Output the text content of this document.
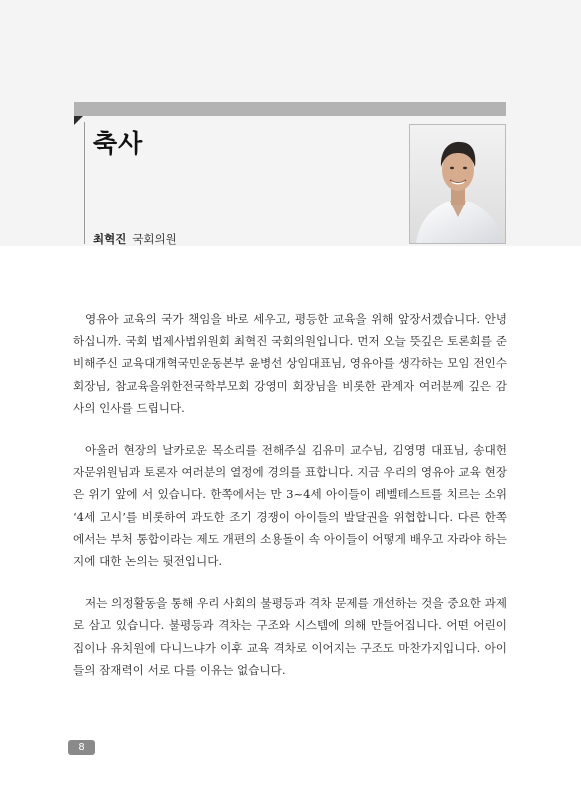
축사
최혁진 국회의원

영유아 교육의 국가 책임을 바로 세우고, 평등한 교육을 위해 앞장서겠습니다. 안녕하십니까. 국회 법제사법위원회 최혁진 국회의원입니다. 먼저 오늘 뜻깊은 토론회를 준비해주신 교육대개혁국민운동본부 윤병선 상임대표님, 영유아를 생각하는 모임 전인수 회장님, 참교육을위한전국학부모회 강영미 회장님을 비롯한 관계자 여러분께 깊은 감사의 인사를 드립니다.

아울러 현장의 날카로운 목소리를 전해주실 김유미 교수님, 김영명 대표님, 송대헌 자문위원님과 토론자 여러분의 열정에 경의를 표합니다. 지금 우리의 영유아 교육 현장은 위기 앞에 서 있습니다. 한쪽에서는 만 3~4세 아이들이 레벨테스트를 치르는 소위 ‘4세 고시’를 비롯하여 과도한 조기 경쟁이 아이들의 발달권을 위협합니다. 다른 한쪽에서는 부처 통합이라는 제도 개편의 소용돌이 속 아이들이 어떻게 배우고 자라야 하는지에 대한 논의는 뒷전입니다.

저는 의정활동을 통해 우리 사회의 불평등과 격차 문제를 개선하는 것을 중요한 과제로 삼고 있습니다. 불평등과 격차는 구조와 시스템에 의해 만들어집니다. 어떤 어린이집이나 유치원에 다니느냐가 이후 교육 격차로 이어지는 구조도 마찬가지입니다. 아이들의 잠재력이 서로 다를 이유는 없습니다.

8
